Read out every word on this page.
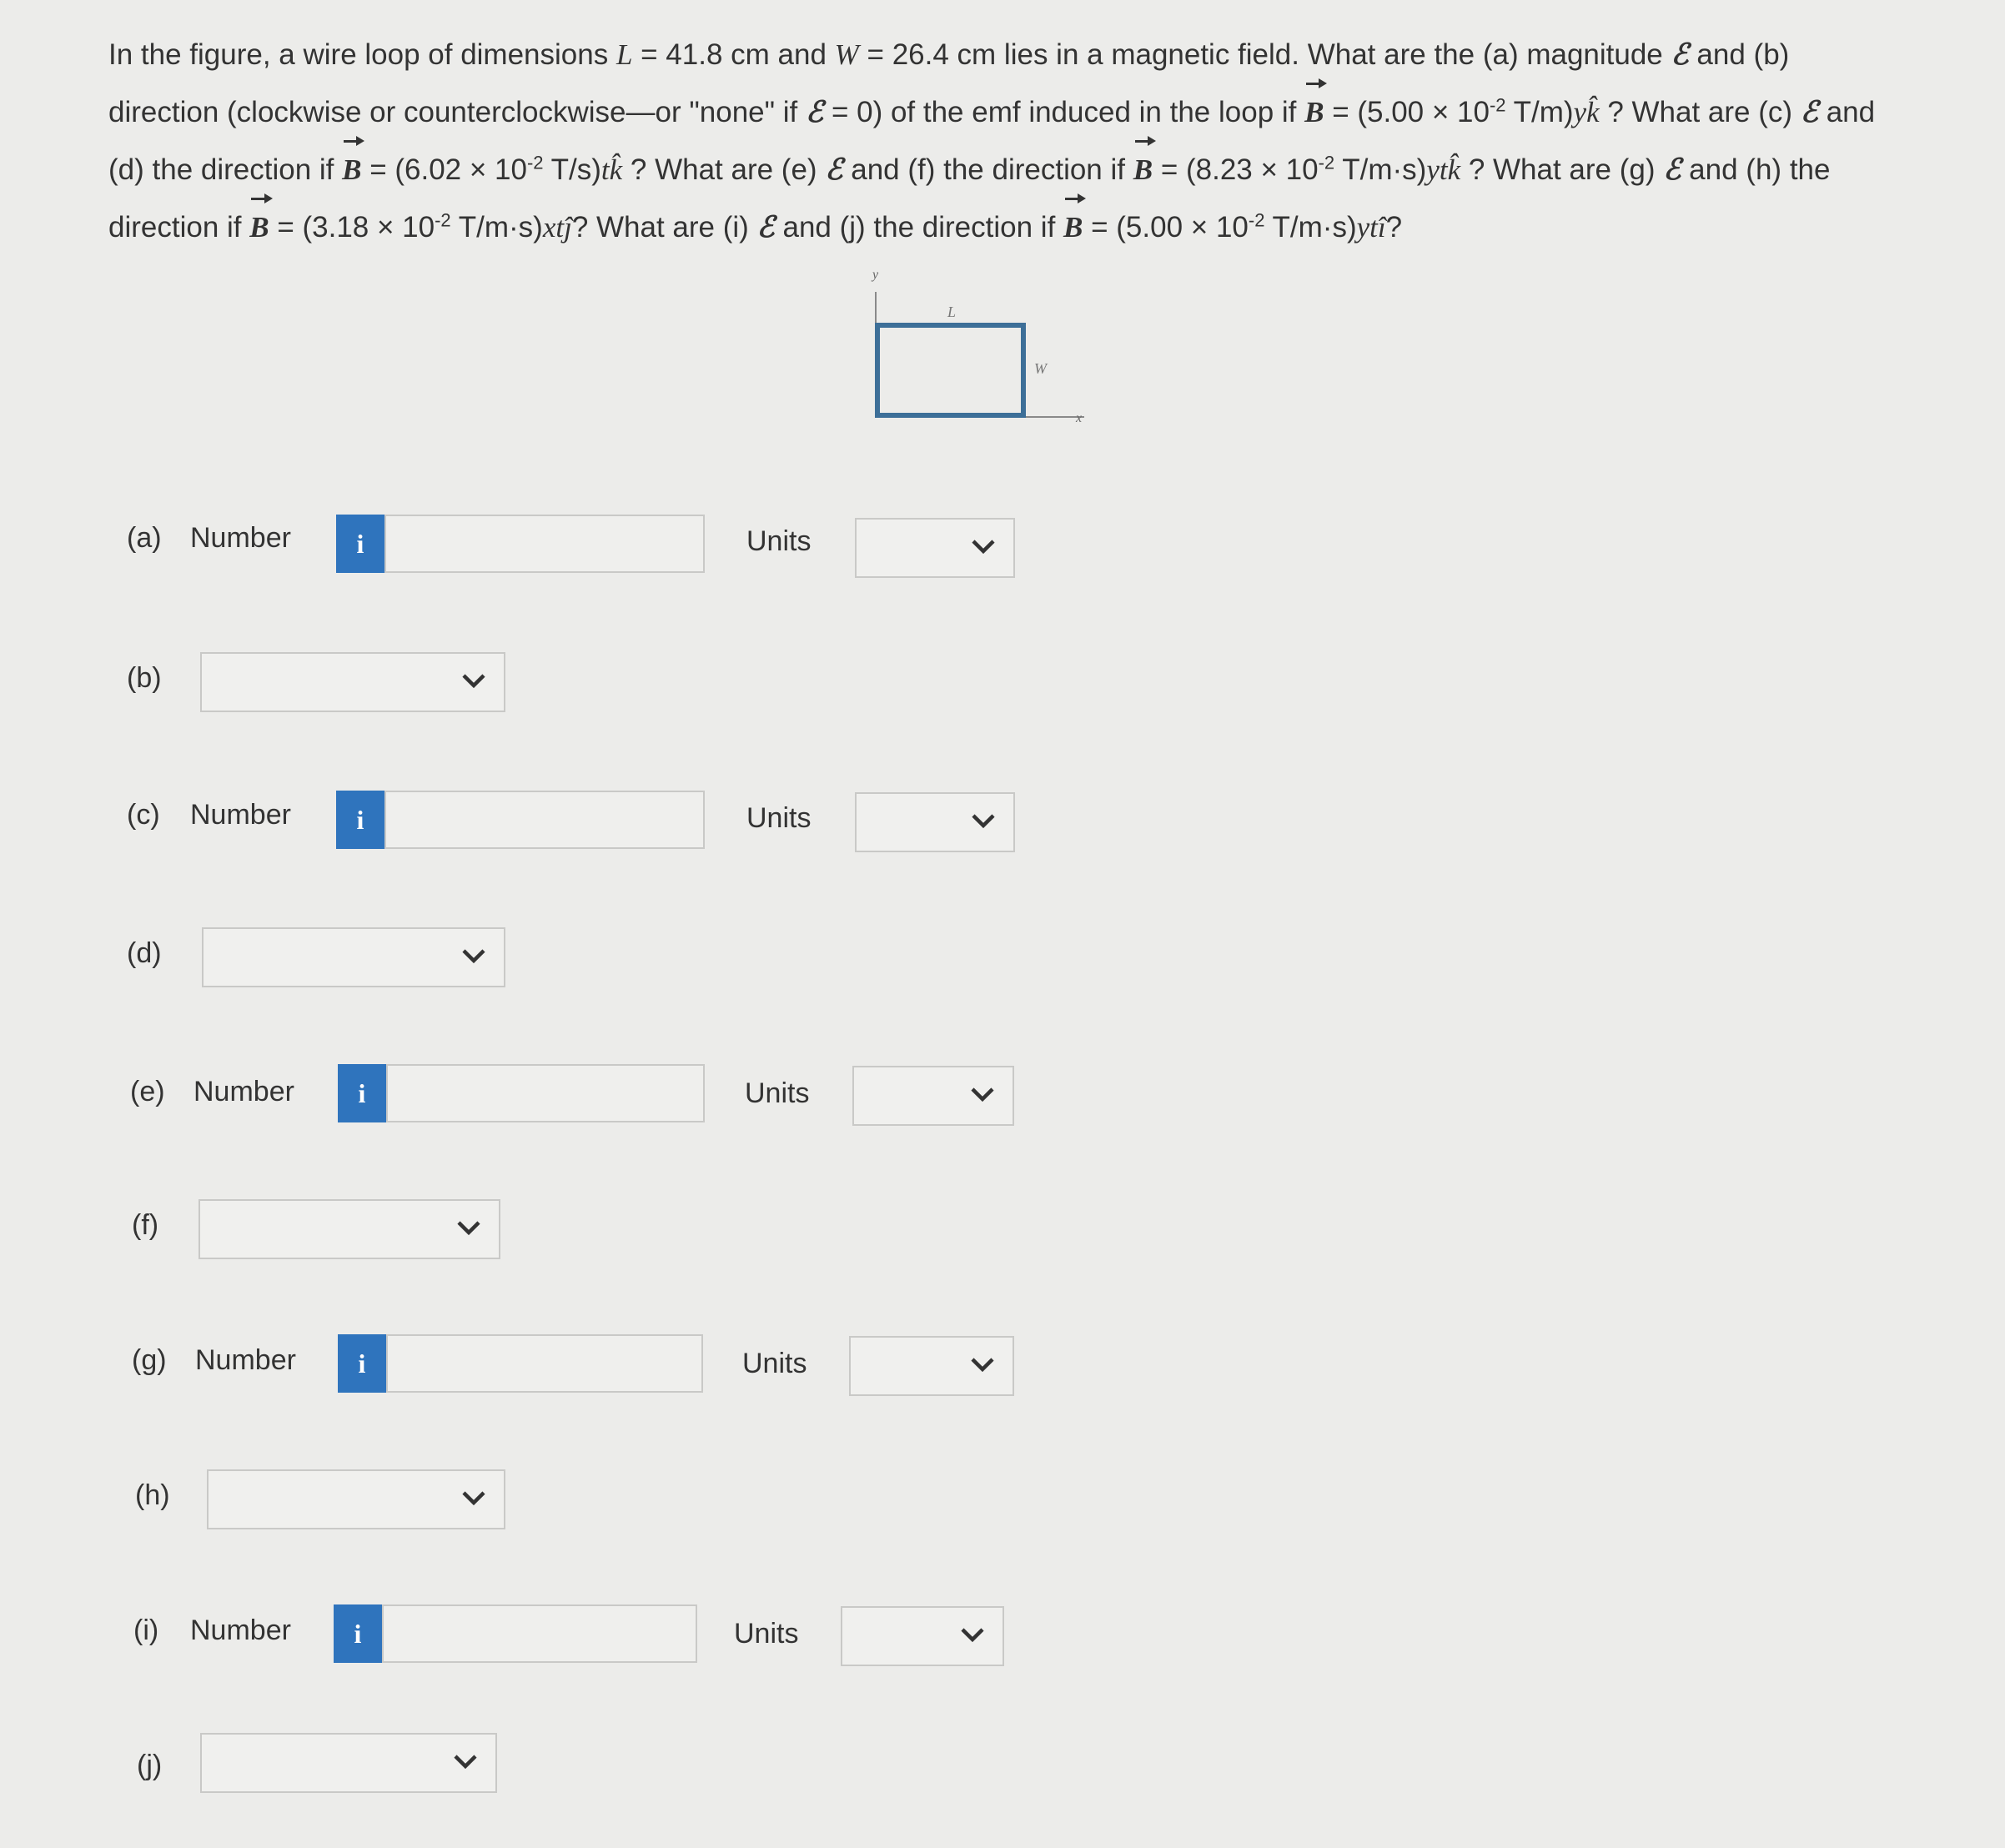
In the figure, a wire loop of dimensions L = 41.8 cm and W = 26.4 cm lies in a magnetic field. What are the (a) magnitude ℰ and (b) direction (clockwise or counterclockwise—or "none" if ℰ = 0) of the emf induced in the loop if $B = (5.00 \times 10^{-2}$ T/m)yk̂ ? What are (c) ℰ and (d) the direction if $B = (6.02 \times 10^{-2}$ T/s)tk̂ ? What are (e) ℰ and (f) the direction if $B = (8.23 \times 10^{-2}$ T/m·s)ytk̂ ? What are (g) ℰ and (h) the direction if $B = (3.18 \times 10^{-2}$ T/m·s)xtĵ? What are (i) ℰ and (j) the direction if $B = (5.00 \times 10^{-2}$ T/m·s)ytî?
y
x
L
W
(a) Number	i	Units
(b)
(c) Number	i	Units
(d)
(e) Number	i	Units
(f)
(g) Number	i	Units
(h)
(i) Number	i	Units
(j)
